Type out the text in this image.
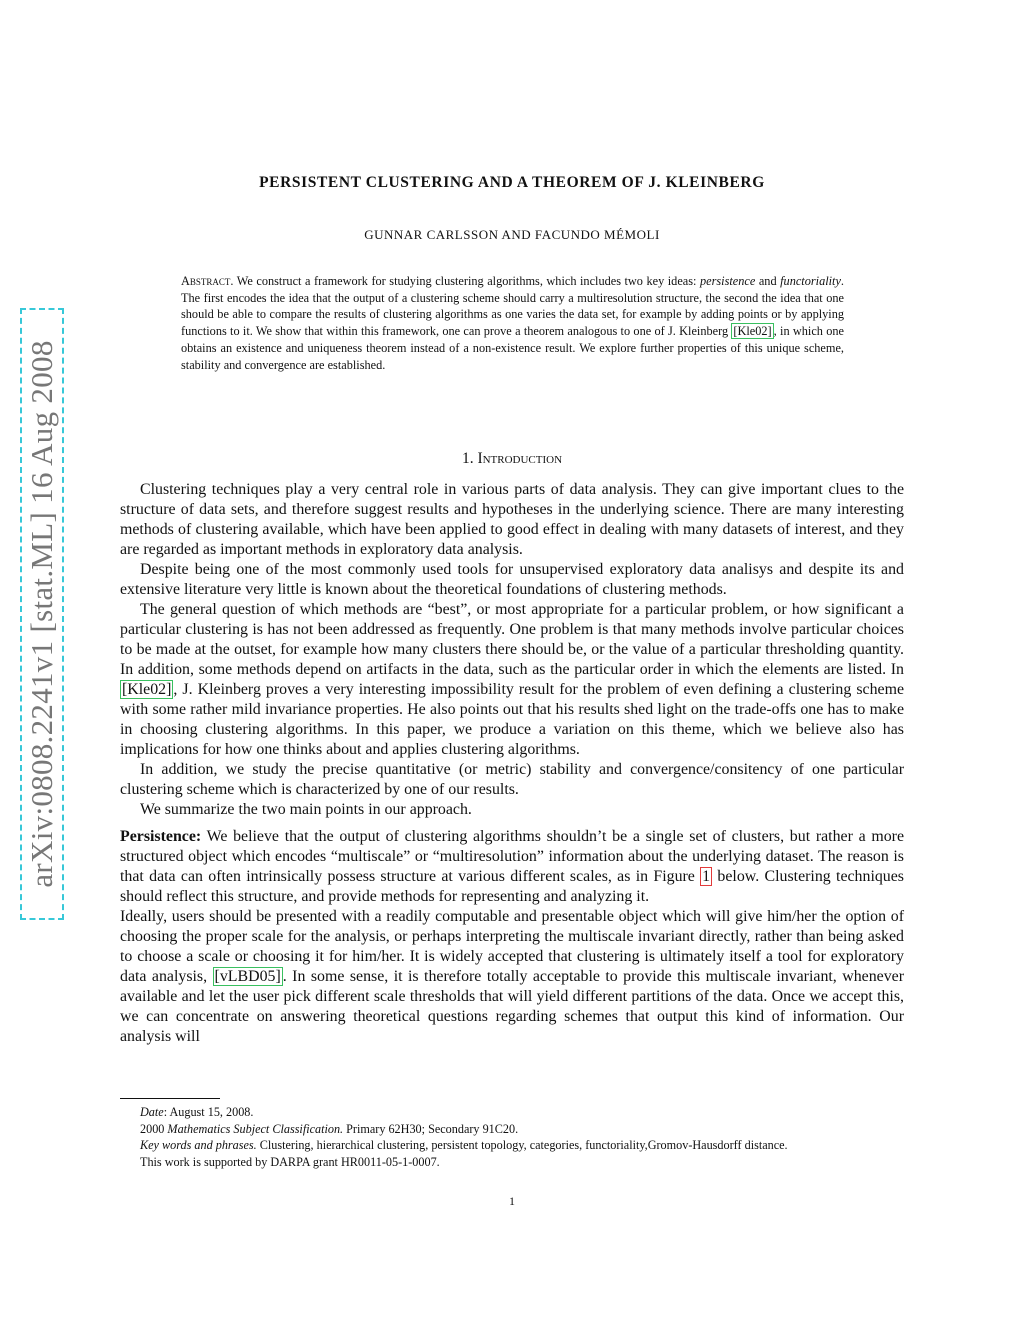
arXiv:0808.2241v1 [stat.ML] 16 Aug 2008
PERSISTENT CLUSTERING AND A THEOREM OF J. KLEINBERG
GUNNAR CARLSSON AND FACUNDO MÉMOLI
Abstract. We construct a framework for studying clustering algorithms, which includes two key ideas: persistence and functoriality. The first encodes the idea that the output of a clustering scheme should carry a multiresolution structure, the second the idea that one should be able to compare the results of clustering algorithms as one varies the data set, for example by adding points or by applying functions to it. We show that within this framework, one can prove a theorem analogous to one of J. Kleinberg [Kle02] , in which one obtains an existence and uniqueness theorem instead of a non-existence result. We explore further properties of this unique scheme, stability and convergence are established.
1. Introduction

Clustering techniques play a very central role in various parts of data analysis. They can give important clues to the structure of data sets, and therefore suggest results and hypotheses in the underlying science. There are many interesting methods of clustering available, which have been applied to good effect in dealing with many datasets of interest, and they are regarded as important methods in exploratory data analysis.

Despite being one of the most commonly used tools for unsupervised exploratory data analisys and despite its and extensive literature very little is known about the theoretical foundations of clustering methods.

The general question of which methods are “best”, or most appropriate for a particular problem, or how significant a particular clustering is has not been addressed as frequently. One problem is that many methods involve particular choices to be made at the outset, for example how many clusters there should be, or the value of a particular thresholding quantity. In addition, some methods depend on artifacts in the data, such as the particular order in which the elements are listed. In [Kle02] , J. Kleinberg proves a very interesting impossibility result for the problem of even defining a clustering scheme with some rather mild invariance properties. He also points out that his results shed light on the trade-offs one has to make in choosing clustering algorithms. In this paper, we produce a variation on this theme, which we believe also has implications for how one thinks about and applies clustering algorithms.

In addition, we study the precise quantitative (or metric) stability and convergence/consitency of one particular clustering scheme which is characterized by one of our results.

We summarize the two main points in our approach.

Persistence: We believe that the output of clustering algorithms shouldn’t be a single set of clusters, but rather a more structured object which encodes “multiscale” or “multiresolution” information about the underlying dataset. The reason is that data can often intrinsically possess structure at various different scales, as in Figure 1 below. Clustering techniques should reflect this structure, and provide methods for representing and analyzing it.

Ideally, users should be presented with a readily computable and presentable object which will give him/her the option of choosing the proper scale for the analysis, or perhaps interpreting the multiscale invariant directly, rather than being asked to choose a scale or choosing it for him/her. It is widely accepted that clustering is ultimately itself a tool for exploratory data analysis, [vLBD05] . In some sense, it is therefore totally acceptable to provide this multiscale invariant, whenever available and let the user pick different scale thresholds that will yield different partitions of the data. Once we accept this, we can concentrate on answering theoretical questions regarding schemes that output this kind of information. Our analysis will

Date: August 15, 2008.

2000 Mathematics Subject Classification. Primary 62H30; Secondary 91C20.

Key words and phrases. Clustering, hierarchical clustering, persistent topology, categories, functoriality,Gromov-Hausdorff distance.

This work is supported by DARPA grant HR0011-05-1-0007.

1
